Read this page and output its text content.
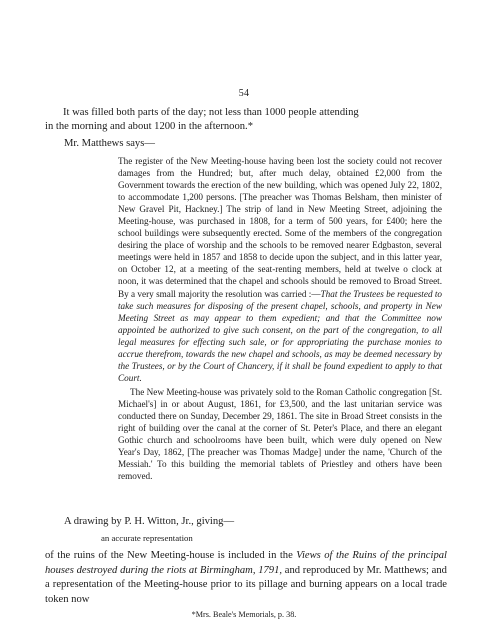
54

It was filled both parts of the day; not less than 1000 people attending
in the morning and about 1200 in the afternoon.*

Mr. Matthews says—

The register of the New Meeting-house having been lost the society could not recover damages from the Hundred; but, after much delay, obtained £2,000 from the Government towards the erection of the new building, which was opened July 22, 1802, to accommodate 1,200 persons. [The preacher was Thomas Belsham, then minister of New Gravel Pit, Hackney.] The strip of land in New Meeting Street, adjoining the Meeting-house, was purchased in 1808, for a term of 500 years, for £400; here the school buildings were subsequently erected. Some of the members of the congregation desiring the place of worship and the schools to be removed nearer Edgbaston, several meetings were held in 1857 and 1858 to decide upon the subject, and in this latter year, on October 12, at a meeting of the seat-renting members, held at twelve o clock at noon, it was determined that the chapel and schools should be removed to Broad Street. By a very small majority the resolution was carried :—That the Trustees be requested to take such measures for disposing of the present chapel, schools, and property in New Meeting Street as may appear to them expedient; and that the Committee now appointed be authorized to give such consent, on the part of the congregation, to all legal measures for effecting such sale, or for appropriating the purchase monies to accrue therefrom, towards the new chapel and schools, as may be deemed necessary by the Trustees, or by the Court of Chancery, if it shall be found expedient to apply to that Court.

The New Meeting-house was privately sold to the Roman Catholic congregation [St. Michael's] in or about August, 1861, for £3,500, and the last unitarian service was conducted there on Sunday, December 29, 1861. The site in Broad Street consists in the right of building over the canal at the corner of St. Peter's Place, and there an elegant Gothic church and schoolrooms have been built, which were duly opened on New Year's Day, 1862, [The preacher was Thomas Madge] under the name, 'Church of the Messiah.' To this building the memorial tablets of Priestley and others have been removed.

A drawing by P. H. Witton, Jr., giving—

an accurate representation

of the ruins of the New Meeting-house is included in the Views of the Ruins of the principal houses destroyed during the riots at Birmingham, 1791, and reproduced by Mr. Matthews; and a representation of the Meeting-house prior to its pillage and burning appears on a local trade token now

*Mrs. Beale's Memorials, p. 38.
